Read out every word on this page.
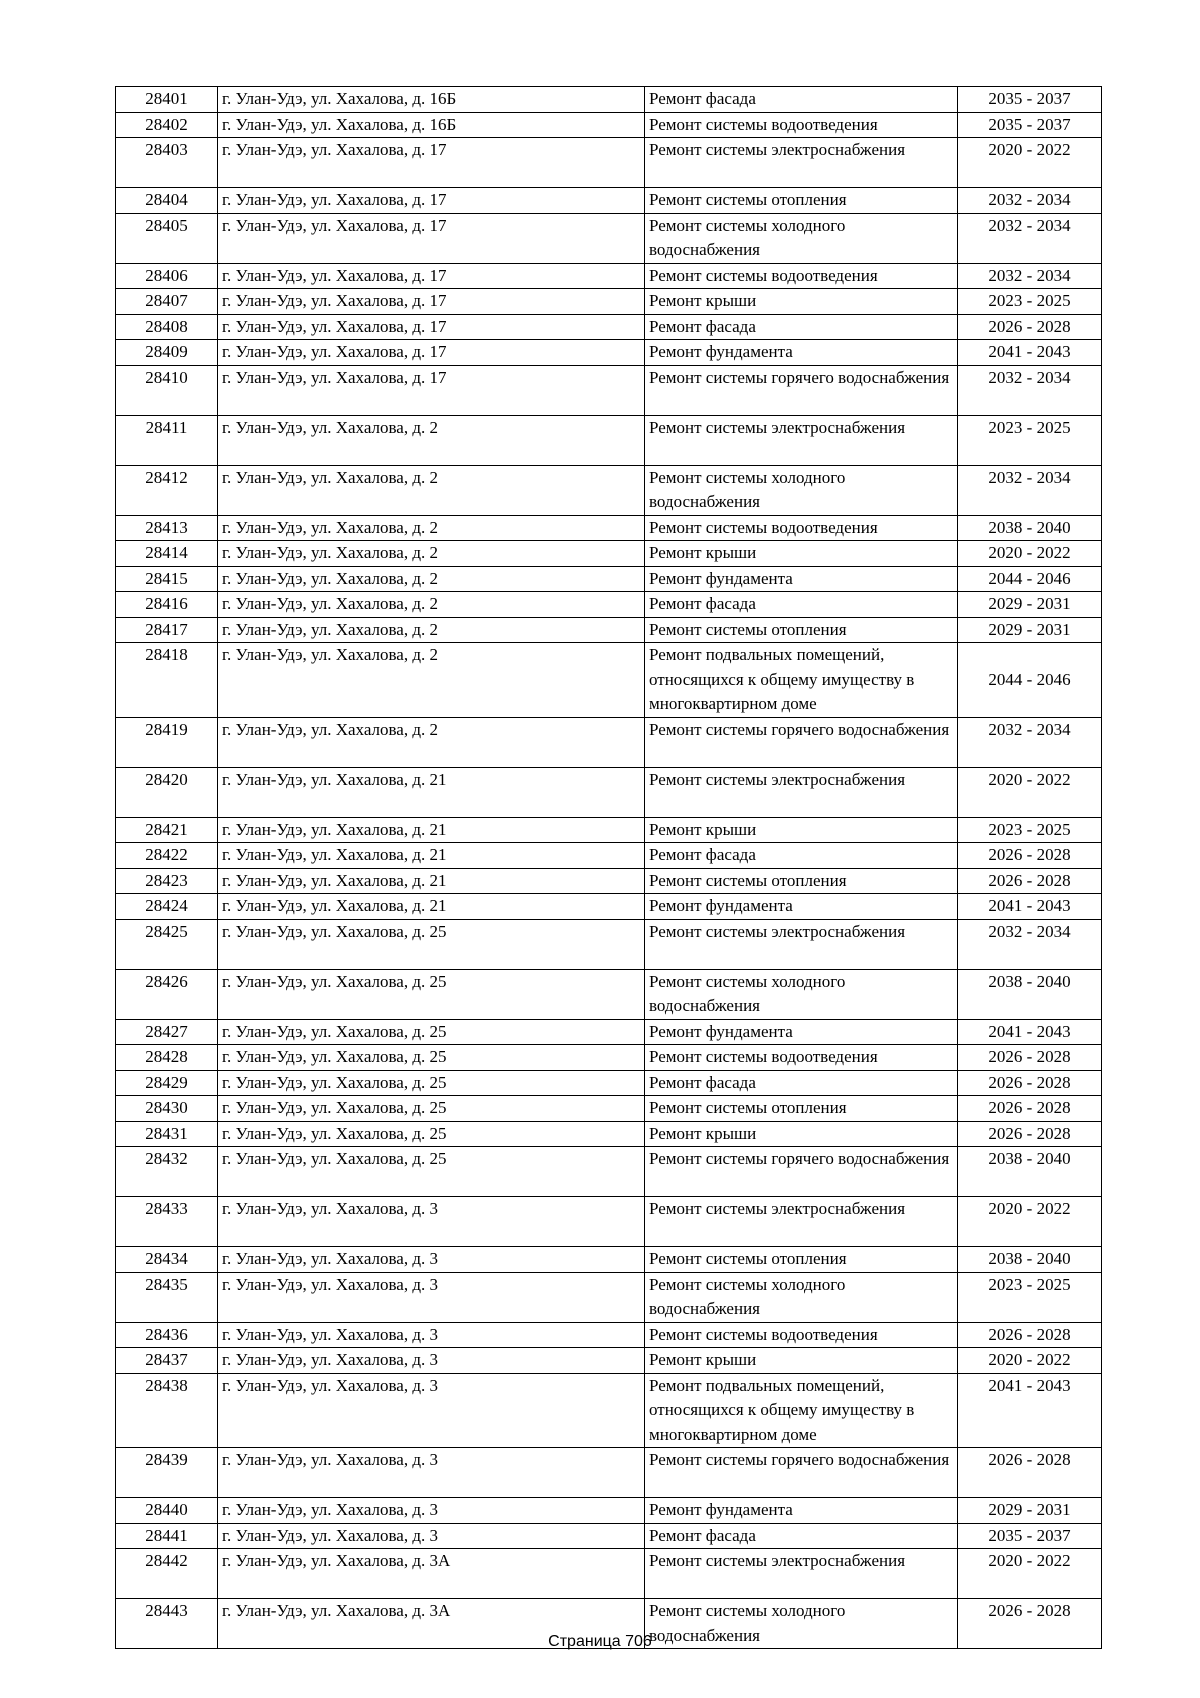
28401	г. Улан-Удэ, ул. Хахалова, д. 16Б	Ремонт фасада	2035 - 2037
28402	г. Улан-Удэ, ул. Хахалова, д. 16Б	Ремонт системы водоотведения	2035 - 2037
28403	г. Улан-Удэ, ул. Хахалова, д. 17	Ремонт системы электроснабжения	2020 - 2022
28404	г. Улан-Удэ, ул. Хахалова, д. 17	Ремонт системы отопления	2032 - 2034
28405	г. Улан-Удэ, ул. Хахалова, д. 17	Ремонт системы холодного водоснабжения	2032 - 2034
28406	г. Улан-Удэ, ул. Хахалова, д. 17	Ремонт системы водоотведения	2032 - 2034
28407	г. Улан-Удэ, ул. Хахалова, д. 17	Ремонт крыши	2023 - 2025
28408	г. Улан-Удэ, ул. Хахалова, д. 17	Ремонт фасада	2026 - 2028
28409	г. Улан-Удэ, ул. Хахалова, д. 17	Ремонт фундамента	2041 - 2043
28410	г. Улан-Удэ, ул. Хахалова, д. 17	Ремонт системы горячего водоснабжения	2032 - 2034
28411	г. Улан-Удэ, ул. Хахалова, д. 2	Ремонт системы электроснабжения	2023 - 2025
28412	г. Улан-Удэ, ул. Хахалова, д. 2	Ремонт системы холодного водоснабжения	2032 - 2034
28413	г. Улан-Удэ, ул. Хахалова, д. 2	Ремонт системы водоотведения	2038 - 2040
28414	г. Улан-Удэ, ул. Хахалова, д. 2	Ремонт крыши	2020 - 2022
28415	г. Улан-Удэ, ул. Хахалова, д. 2	Ремонт фундамента	2044 - 2046
28416	г. Улан-Удэ, ул. Хахалова, д. 2	Ремонт фасада	2029 - 2031
28417	г. Улан-Удэ, ул. Хахалова, д. 2	Ремонт системы отопления	2029 - 2031
28418	г. Улан-Удэ, ул. Хахалова, д. 2	Ремонт подвальных помещений, относящихся к общему имуществу в многоквартирном доме	2044 - 2046
28419	г. Улан-Удэ, ул. Хахалова, д. 2	Ремонт системы горячего водоснабжения	2032 - 2034
28420	г. Улан-Удэ, ул. Хахалова, д. 21	Ремонт системы электроснабжения	2020 - 2022
28421	г. Улан-Удэ, ул. Хахалова, д. 21	Ремонт крыши	2023 - 2025
28422	г. Улан-Удэ, ул. Хахалова, д. 21	Ремонт фасада	2026 - 2028
28423	г. Улан-Удэ, ул. Хахалова, д. 21	Ремонт системы отопления	2026 - 2028
28424	г. Улан-Удэ, ул. Хахалова, д. 21	Ремонт фундамента	2041 - 2043
28425	г. Улан-Удэ, ул. Хахалова, д. 25	Ремонт системы электроснабжения	2032 - 2034
28426	г. Улан-Удэ, ул. Хахалова, д. 25	Ремонт системы холодного водоснабжения	2038 - 2040
28427	г. Улан-Удэ, ул. Хахалова, д. 25	Ремонт фундамента	2041 - 2043
28428	г. Улан-Удэ, ул. Хахалова, д. 25	Ремонт системы водоотведения	2026 - 2028
28429	г. Улан-Удэ, ул. Хахалова, д. 25	Ремонт фасада	2026 - 2028
28430	г. Улан-Удэ, ул. Хахалова, д. 25	Ремонт системы отопления	2026 - 2028
28431	г. Улан-Удэ, ул. Хахалова, д. 25	Ремонт крыши	2026 - 2028
28432	г. Улан-Удэ, ул. Хахалова, д. 25	Ремонт системы горячего водоснабжения	2038 - 2040
28433	г. Улан-Удэ, ул. Хахалова, д. 3	Ремонт системы электроснабжения	2020 - 2022
28434	г. Улан-Удэ, ул. Хахалова, д. 3	Ремонт системы отопления	2038 - 2040
28435	г. Улан-Удэ, ул. Хахалова, д. 3	Ремонт системы холодного водоснабжения	2023 - 2025
28436	г. Улан-Удэ, ул. Хахалова, д. 3	Ремонт системы водоотведения	2026 - 2028
28437	г. Улан-Удэ, ул. Хахалова, д. 3	Ремонт крыши	2020 - 2022
28438	г. Улан-Удэ, ул. Хахалова, д. 3	Ремонт подвальных помещений, относящихся к общему имуществу в многоквартирном доме	2041 - 2043
28439	г. Улан-Удэ, ул. Хахалова, д. 3	Ремонт системы горячего водоснабжения	2026 - 2028
28440	г. Улан-Удэ, ул. Хахалова, д. 3	Ремонт фундамента	2029 - 2031
28441	г. Улан-Удэ, ул. Хахалова, д. 3	Ремонт фасада	2035 - 2037
28442	г. Улан-Удэ, ул. Хахалова, д. 3А	Ремонт системы электроснабжения	2020 - 2022
28443	г. Улан-Удэ, ул. Хахалова, д. 3А	Ремонт системы холодного водоснабжения	2026 - 2028
Страница 706
